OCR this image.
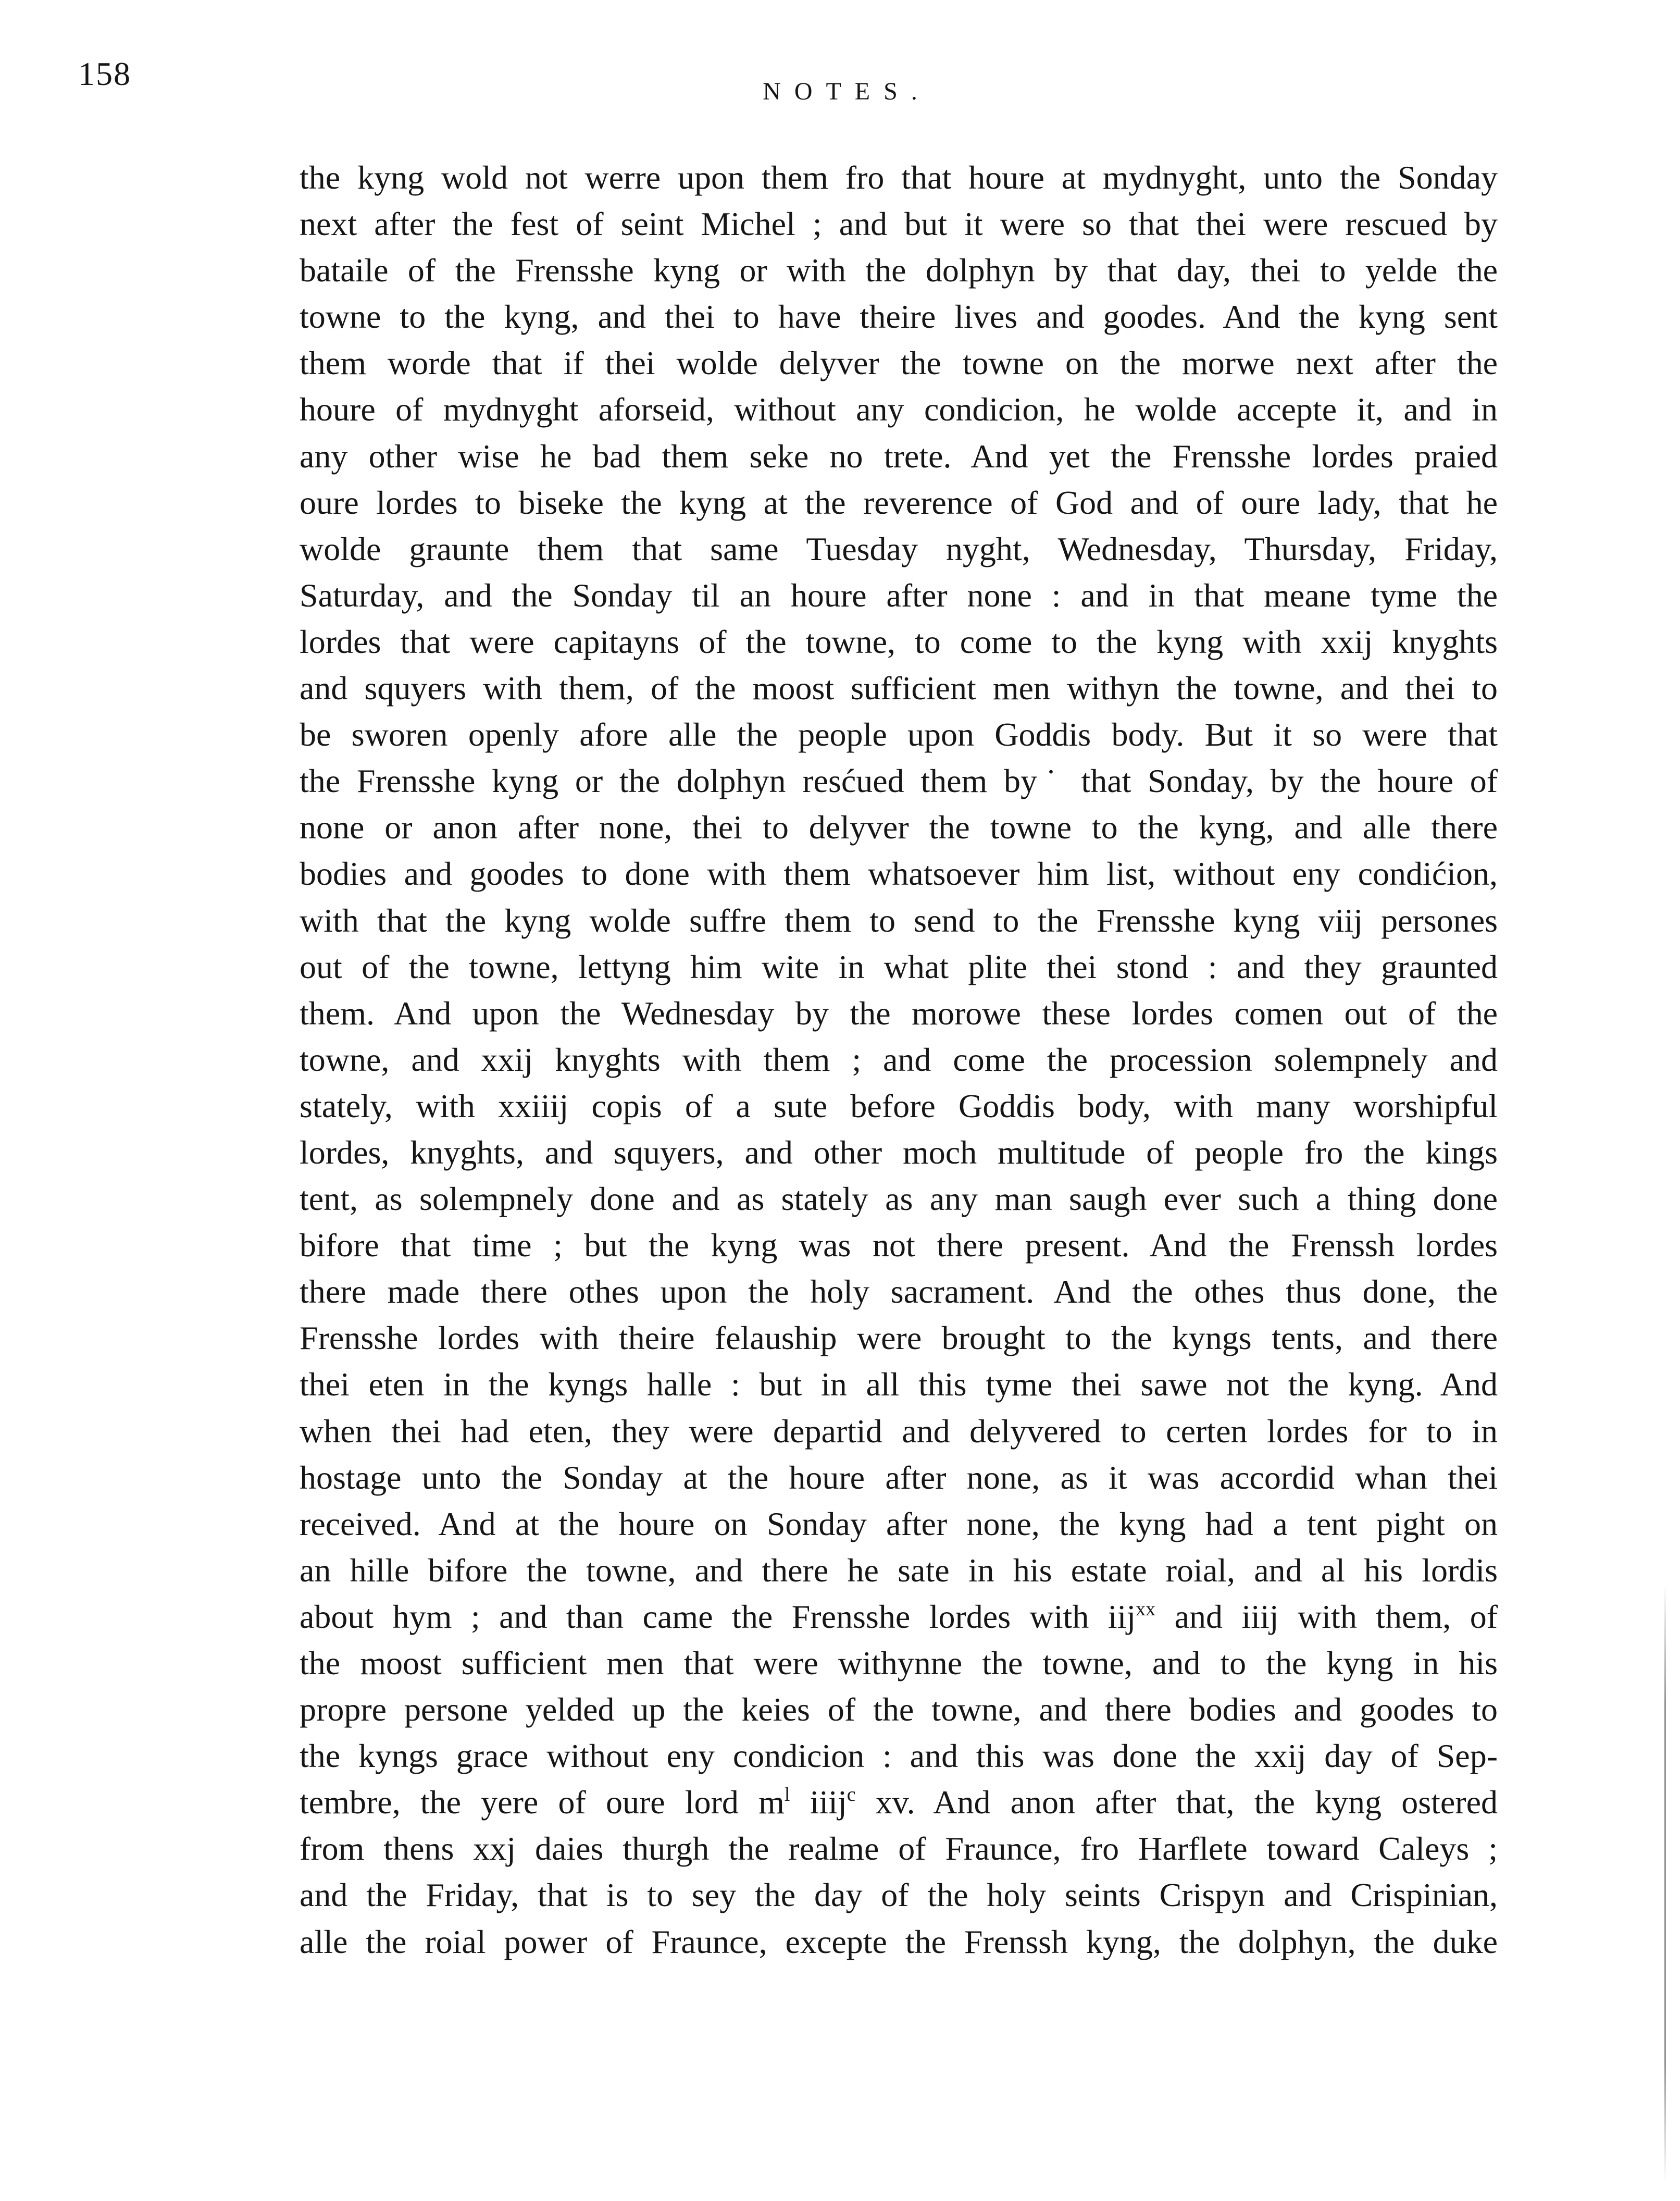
158	NOTES.
the kyng wold not werre upon them fro that houre at mydnyght, unto the Sonday
next after the fest of seint Michel ; and but it were so that thei were rescued by
bataile of the Frensshe kyng or with the dolphyn by that day, thei to yelde the
towne to the kyng, and thei to have theire lives and goodes. And the kyng sent
them worde that if thei wolde delyver the towne on the morwe next after the
houre of mydnyght aforseid, without any condicion, he wolde accepte it, and in
any other wise he bad them seke no trete. And yet the Frensshe lordes praied
oure lordes to biseke the kyng at the reverence of God and of oure lady, that he
wolde graunte them that same Tuesday nyght, Wednesday, Thursday, Friday,
Saturday, and the Sonday til an houre after none : and in that meane tyme the
lordes that were capitayns of the towne, to come to the kyng with xxij knyghts
and squyers with them, of the moost sufficient men withyn the towne, and thei to
be sworen openly afore alle the people upon Goddis body. But it so were that
the Frensshe kyng or the dolphyn resćued them by˙ that Sonday, by the houre of
none or anon after none, thei to delyver the towne to the kyng, and alle there
bodies and goodes to done with them whatsoever him list, without eny condićion,
with that the kyng wolde suffre them to send to the Frensshe kyng viij persones
out of the towne, lettyng him wite in what plite thei stond : and they graunted
them. And upon the Wednesday by the morowe these lordes comen out of the
towne, and xxij knyghts with them ; and come the procession solempnely and
stately, with xxiiij copis of a sute before Goddis body, with many worshipful
lordes, knyghts, and squyers, and other moch multitude of people fro the kings
tent, as solempnely done and as stately as any man saugh ever such a thing done
bifore that time ; but the kyng was not there present. And the Frenssh lordes
there made there othes upon the holy sacrament. And the othes thus done, the
Frensshe lordes with theire felauship were brought to the kyngs tents, and there
thei eten in the kyngs halle : but in all this tyme thei sawe not the kyng. And
when thei had eten, they were departid and delyvered to certen lordes for to in
hostage unto the Sonday at the houre after none, as it was accordid whan thei
received. And at the houre on Sonday after none, the kyng had a tent pight on
an hille bifore the towne, and there he sate in his estate roial, and al his lordis
about hym ; and than came the Frensshe lordes with iij$^{xx}$ and iiij with them, of
the moost sufficient men that were withynne the towne, and to the kyng in his
propre persone yelded up the keies of the towne, and there bodies and goodes to
the kyngs grace without eny condicion : and this was done the xxij day of Sep-
tembre, the yere of oure lord $m^l$ iiij$^c$ xv. And anon after that, the kyng ostered
from thens xxj daies thurgh the realme of Fraunce, fro Harflete toward Caleys ;
and the Friday, that is to sey the day of the holy seints Crispyn and Crispinian,
alle the roial power of Fraunce, excepte the Frenssh kyng, the dolphyn, the duke
